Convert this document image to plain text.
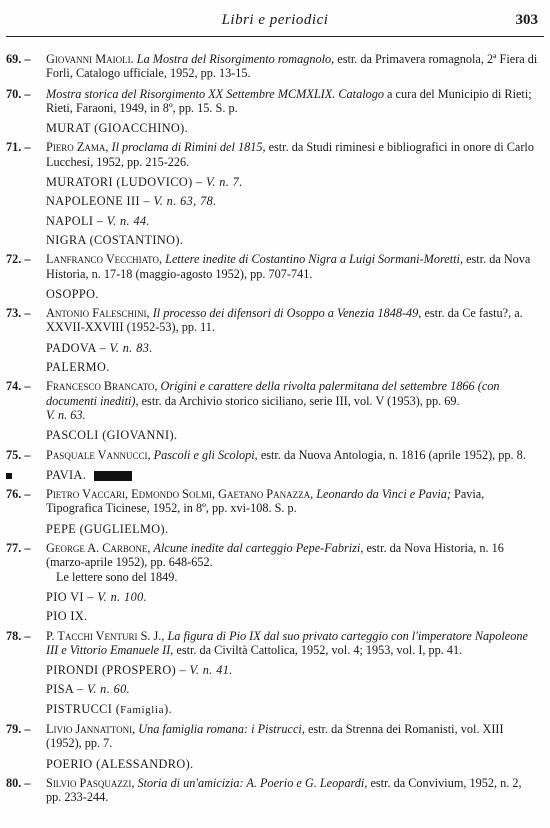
Libri e periodici	303
69. – Giovanni Maioli. La Mostra del Risorgimento romagnolo, estr. da Primavera romagnola, 2ª Fiera di Forlì, Catalogo ufficiale, 1952, pp. 13-15.
70. – Mostra storica del Risorgimento XX Settembre MCMXLIX. Catalogo a cura del Municipio di Rieti; Rieti, Faraoni, 1949, in 8º, pp. 15. S. p.
MURAT (GIOACCHINO).
71. – Piero Zama, Il proclama di Rimini del 1815, estr. da Studi riminesi e bibliografici in onore di Carlo Lucchesi, 1952, pp. 215-226.
MURATORI (LUDOVICO) – V. n. 7.
NAPOLEONE III – V. n. 63, 78.
NAPOLI – V. n. 44.
NIGRA (COSTANTINO).
72. – Lanfranco Vecchiato, Lettere inedite di Costantino Nigra a Luigi Sormani-Moretti, estr. da Nova Historia, n. 17-18 (maggio-agosto 1952), pp. 707-741.
OSOPPO.
73. – Antonio Faleschini, Il processo dei difensori di Osoppo a Venezia 1848-49, estr. da Ce fastu?, a. XXVII-XXVIII (1952-53), pp. 11.
PADOVA – V. n. 83.
PALERMO.
74. – Francesco Brancato, Origini e carattere della rivolta palermitana del settembre 1866 (con documenti inediti), estr. da Archivio storico siciliano, serie III, vol. V (1953), pp. 69.
V. n. 63.
PASCOLI (GIOVANNI).
75. – Pasquale Vannucci, Pascoli e gli Scolopi, estr. da Nuova Antologia, n. 1816 (aprile 1952), pp. 8.
PAVIA.
76. – Pietro Vaccari, Edmondo Solmi, Gaetano Panazza, Leonardo da Vinci e Pavia; Pavia, Tipografica Ticinese, 1952, in 8º, pp. xvi-108. S. p.
PEPE (GUGLIELMO).
77. – George A. Carbone, Alcune inedite dal carteggio Pepe-Fabrizi, estr. da Nova Historia, n. 16 (marzo-aprile 1952), pp. 648-652.
Le lettere sono del 1849.
PIO VI – V. n. 100.
PIO IX.
78. – P. Tacchi Venturi S. J., La figura di Pio IX dal suo privato carteggio con l'imperatore Napoleone III e Vittorio Emanuele II, estr. da Civiltà Cattolica, 1952, vol. 4; 1953, vol. I, pp. 41.
PIRONDI (PROSPERO) – V. n. 41.
PISA – V. n. 60.
PISTRUCCI (Famiglia).
79. – Livio Jannattoni, Una famiglia romana: i Pistrucci, estr. da Strenna dei Romanisti, vol. XIII (1952), pp. 7.
POERIO (ALESSANDRO).
80. – Silvio Pasquazzi, Storia di un'amicizia: A. Poerio e G. Leopardi, estr. da Convivium, 1952, n. 2, pp. 233-244.
